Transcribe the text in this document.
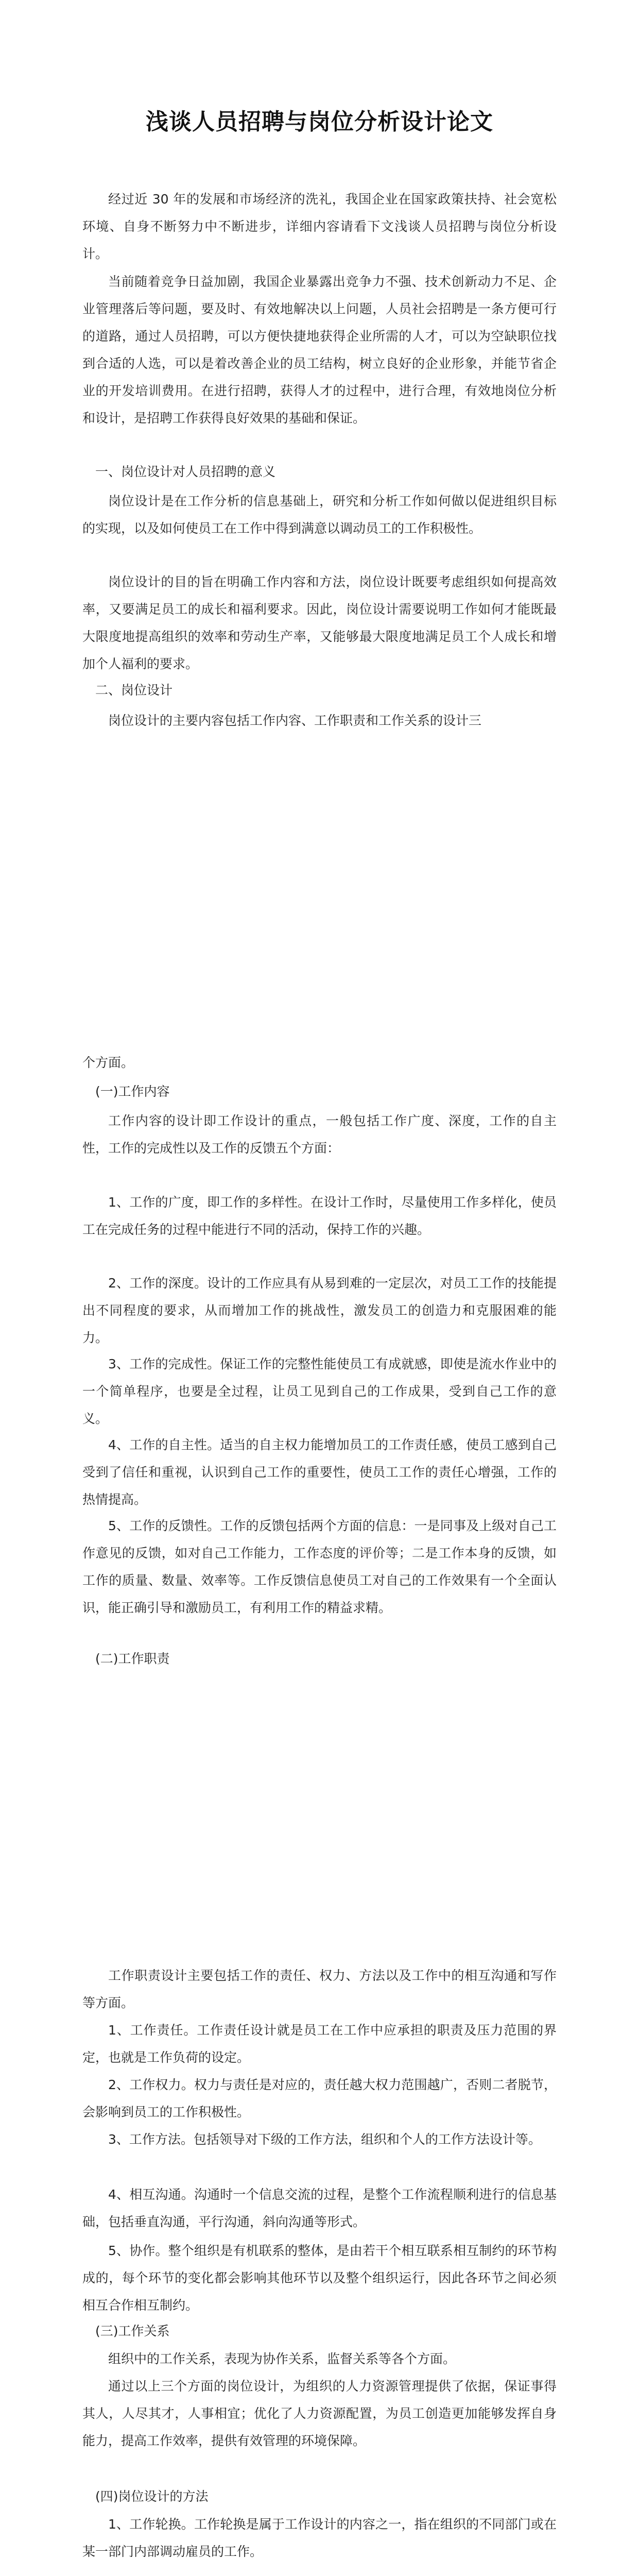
浅谈人员招聘与岗位分析设计论文

经过近 30 年的发展和市场经济的洗礼，我国企业在国家政策扶持、社会宽松环境、自身不断努力中不断进步，详细内容请看下文浅谈人员招聘与岗位分析设计。

当前随着竞争日益加剧，我国企业暴露出竞争力不强、技术创新动力不足、企业管理落后等问题，要及时、有效地解决以上问题，人员社会招聘是一条方便可行的道路，通过人员招聘，可以方便快捷地获得企业所需的人才，可以为空缺职位找到合适的人选，可以是着改善企业的员工结构，树立良好的企业形象，并能节省企业的开发培训费用。在进行招聘，获得人才的过程中，进行合理，有效地岗位分析和设计，是招聘工作获得良好效果的基础和保证。

一、岗位设计对人员招聘的意义

岗位设计是在工作分析的信息基础上，研究和分析工作如何做以促进组织目标的实现，以及如何使员工在工作中得到满意以调动员工的工作积极性。

岗位设计的目的旨在明确工作内容和方法，岗位设计既要考虑组织如何提高效率，又要满足员工的成长和福利要求。因此，岗位设计需要说明工作如何才能既最大限度地提高组织的效率和劳动生产率，又能够最大限度地满足员工个人成长和增加个人福利的要求。

二、岗位设计

岗位设计的主要内容包括工作内容、工作职责和工作关系的设计三

个方面。

(一)工作内容

工作内容的设计即工作设计的重点，一般包括工作广度、深度，工作的自主性，工作的完成性以及工作的反馈五个方面：

1、工作的广度，即工作的多样性。在设计工作时，尽量使用工作多样化，使员工在完成任务的过程中能进行不同的活动，保持工作的兴趣。

2、工作的深度。设计的工作应具有从易到难的一定层次，对员工工作的技能提出不同程度的要求，从而增加工作的挑战性，激发员工的创造力和克服困难的能力。

3、工作的完成性。保证工作的完整性能使员工有成就感，即使是流水作业中的一个简单程序，也要是全过程，让员工见到自己的工作成果，受到自己工作的意义。

4、工作的自主性。适当的自主权力能增加员工的工作责任感，使员工感到自己受到了信任和重视，认识到自己工作的重要性，使员工工作的责任心增强，工作的热情提高。

5、工作的反馈性。工作的反馈包括两个方面的信息：一是同事及上级对自己工作意见的反馈，如对自己工作能力，工作态度的评价等；二是工作本身的反馈，如工作的质量、数量、效率等。工作反馈信息使员工对自己的工作效果有一个全面认识，能正确引导和激励员工，有利用工作的精益求精。

(二)工作职责

工作职责设计主要包括工作的责任、权力、方法以及工作中的相互沟通和写作等方面。

1、工作责任。工作责任设计就是员工在工作中应承担的职责及压力范围的界定，也就是工作负荷的设定。

2、工作权力。权力与责任是对应的，责任越大权力范围越广，否则二者脱节，会影响到员工的工作积极性。

3、工作方法。包括领导对下级的工作方法，组织和个人的工作方法设计等。

4、相互沟通。沟通时一个信息交流的过程，是整个工作流程顺利进行的信息基础，包括垂直沟通，平行沟通，斜向沟通等形式。

5、协作。整个组织是有机联系的整体，是由若干个相互联系相互制约的环节构成的，每个环节的变化都会影响其他环节以及整个组织运行，因此各环节之间必须相互合作相互制约。

(三)工作关系

组织中的工作关系，表现为协作关系，监督关系等各个方面。

通过以上三个方面的岗位设计，为组织的人力资源管理提供了依据，保证事得其人，人尽其才，人事相宜；优化了人力资源配置，为员工创造更加能够发挥自身能力，提高工作效率，提供有效管理的环境保障。

(四)岗位设计的方法

1、工作轮换。工作轮换是属于工作设计的内容之一，指在组织的不同部门或在某一部门内部调动雇员的工作。
